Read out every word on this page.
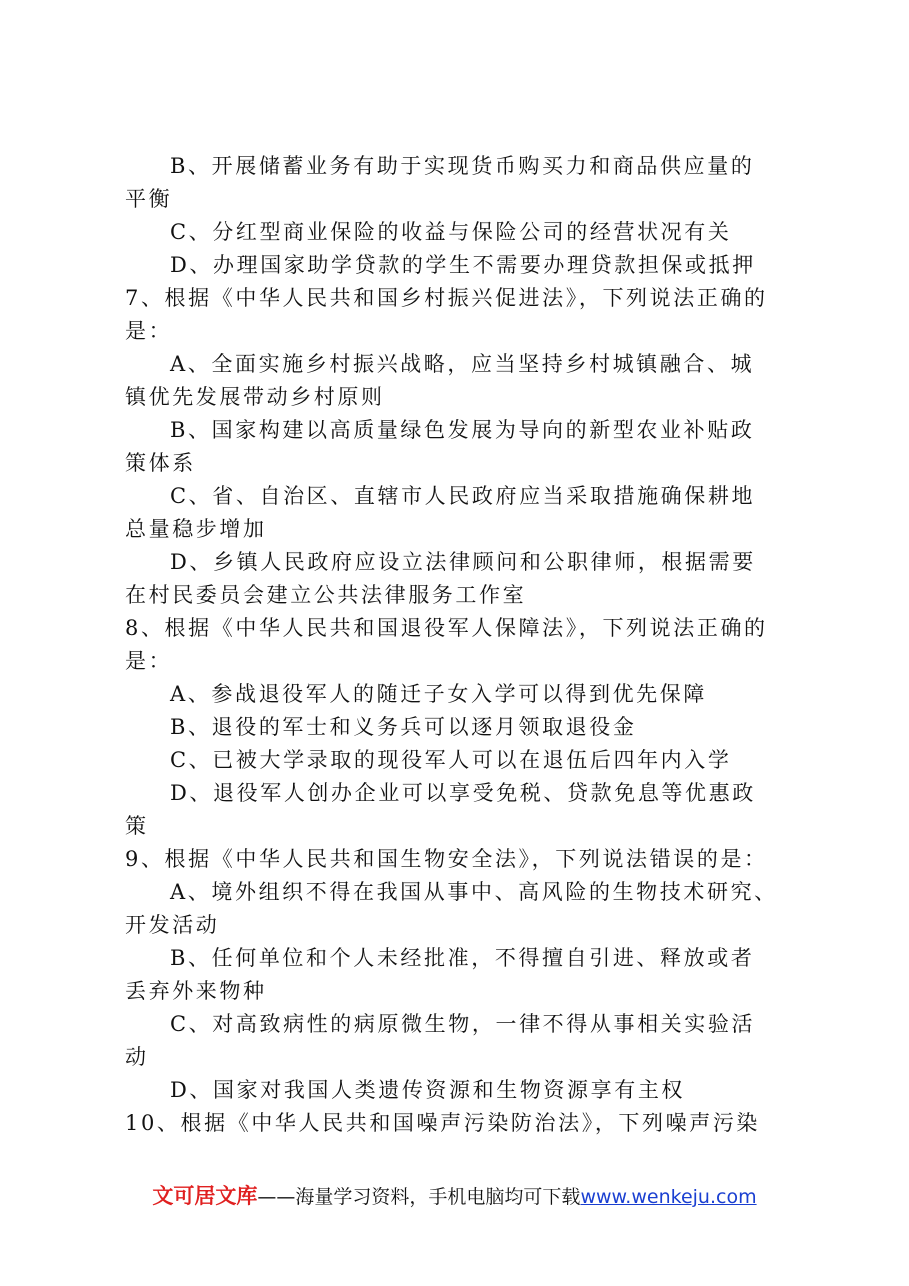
B、开展储蓄业务有助于实现货币购买力和商品供应量的
平衡
C、分红型商业保险的收益与保险公司的经营状况有关
D、办理国家助学贷款的学生不需要办理贷款担保或抵押
7、根据《中华人民共和国乡村振兴促进法》，下列说法正确的
是：
A、全面实施乡村振兴战略，应当坚持乡村城镇融合、城
镇优先发展带动乡村原则
B、国家构建以高质量绿色发展为导向的新型农业补贴政
策体系
C、省、自治区、直辖市人民政府应当采取措施确保耕地
总量稳步增加
D、乡镇人民政府应设立法律顾问和公职律师，根据需要
在村民委员会建立公共法律服务工作室
8、根据《中华人民共和国退役军人保障法》，下列说法正确的
是：
A、参战退役军人的随迁子女入学可以得到优先保障
B、退役的军士和义务兵可以逐月领取退役金
C、已被大学录取的现役军人可以在退伍后四年内入学
D、退役军人创办企业可以享受免税、贷款免息等优惠政
策
9、根据《中华人民共和国生物安全法》，下列说法错误的是：
A、境外组织不得在我国从事中、高风险的生物技术研究、
开发活动
B、任何单位和个人未经批准，不得擅自引进、释放或者
丢弃外来物种
C、对高致病性的病原微生物，一律不得从事相关实验活
动
D、国家对我国人类遗传资源和生物资源享有主权
10、根据《中华人民共和国噪声污染防治法》，下列噪声污染
文可居文库——海量学习资料，手机电脑均可下载www.wenkeju.com
